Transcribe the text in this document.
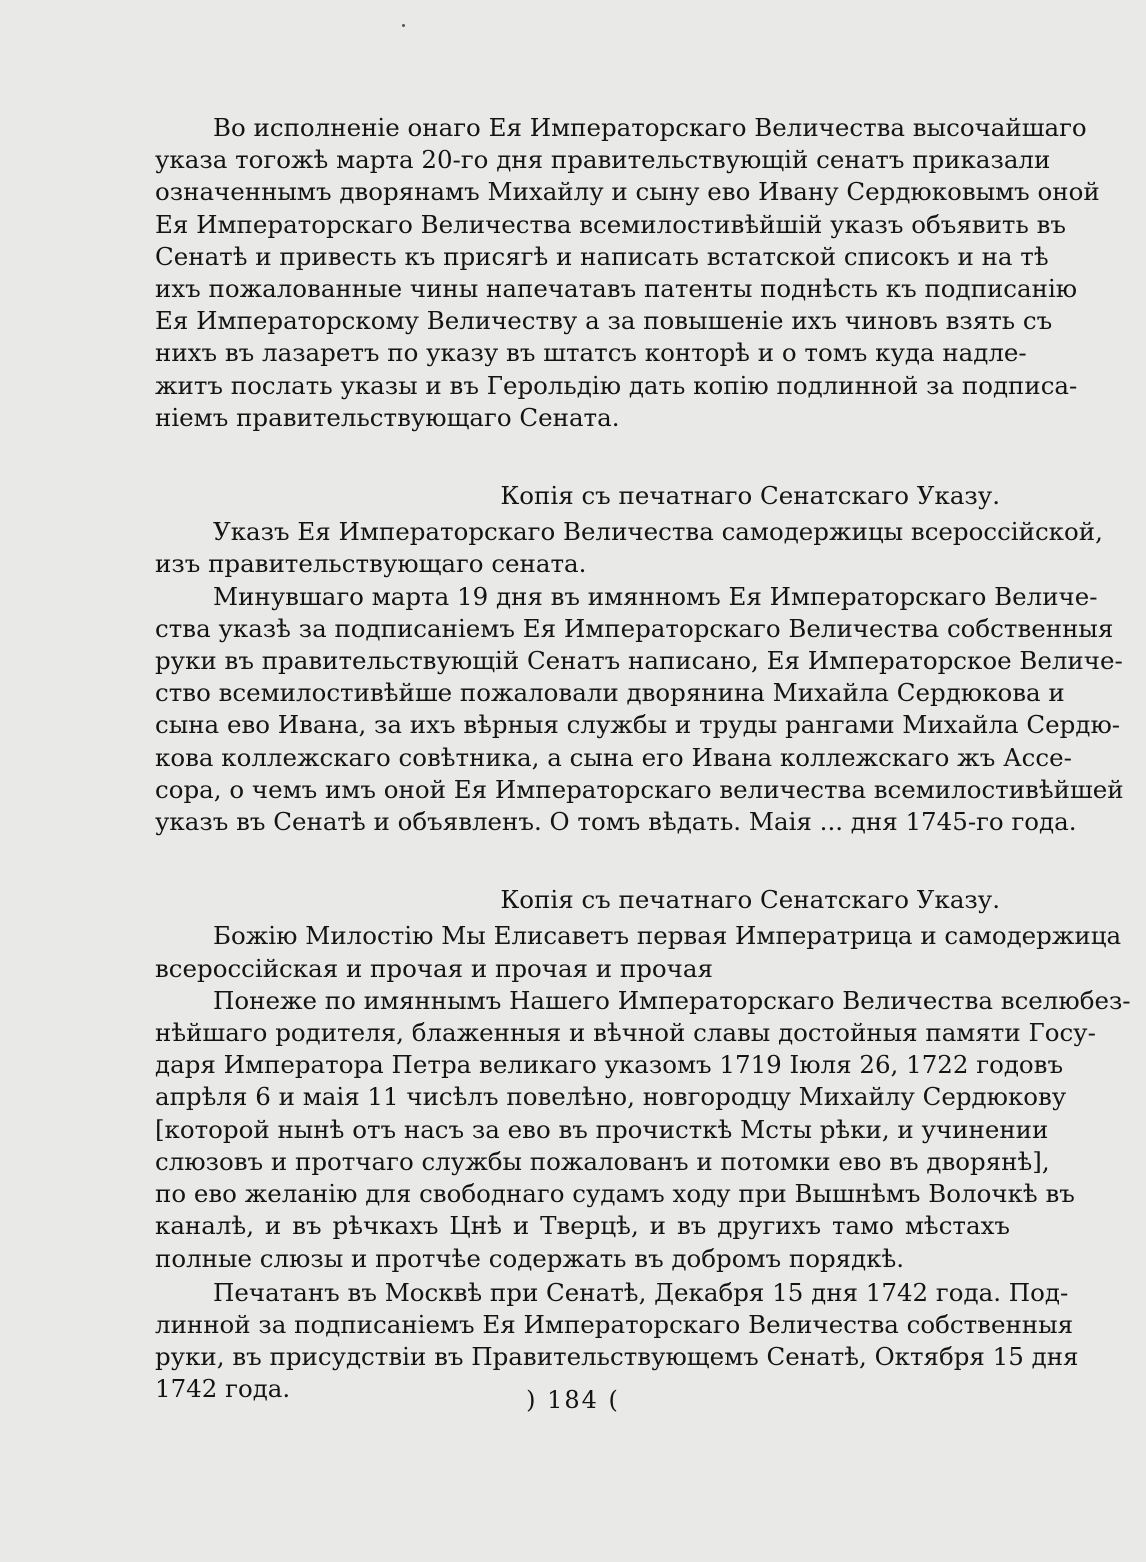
Во исполненіе онаго Ея Императорскаго Величества высочайшаго
указа тогожѣ марта 20-го дня правительствующій сенатъ приказали
означеннымъ дворянамъ Михайлу и сыну ево Ивану Сердюковымъ оной
Ея Императорскаго Величества всемилостивѣйшій указъ объявить въ
Сенатѣ и привесть къ присягѣ и написать встатской списокъ и на тѣ
ихъ пожалованные чины напечатавъ патенты поднѣсть къ подписанію
Ея Императорскому Величеству а за повышеніе ихъ чиновъ взять съ
нихъ въ лазаретъ по указу въ штатсъ конторѣ и о томъ куда надле-
житъ послать указы и въ Герольдію дать копію подлинной за подписа-
ніемъ правительствующаго Сената.

Копія съ печатнаго Сенатскаго Указу.

Указъ Ея Императорскаго Величества самодержицы всероссійской,
изъ правительствующаго сената.
Минувшаго марта 19 дня въ имянномъ Ея Императорскаго Величе-
ства указѣ за подписаніемъ Ея Императорскаго Величества собственныя
руки въ правительствующій Сенатъ написано, Ея Императорское Величе-
ство всемилостивѣйше пожаловали дворянина Михайла Сердюкова и
сына ево Ивана, за ихъ вѣрныя службы и труды рангами Михайла Сердю-
кова коллежскаго совѣтника, а сына его Ивана коллежскаго жъ Ассе-
сора, о чемъ имъ оной Ея Императорскаго величества всемилостивѣйшей
указъ въ Сенатѣ и объявленъ. О томъ вѣдать. Маія ... дня 1745-го года.

Копія съ печатнаго Сенатскаго Указу.

Божію Милостію Мы Елисаветъ первая Императрица и самодержица
всероссійская и прочая и прочая и прочая
Понеже по имяннымъ Нашего Императорскаго Величества вселюбез-
нѣйшаго родителя, блаженныя и вѣчной славы достойныя памяти Госу-
даря Императора Петра великаго указомъ 1719 Іюля 26, 1722 годовъ
апрѣля 6 и маія 11 чисѣлъ повелѣно, новгородцу Михайлу Сердюкову
[которой нынѣ отъ насъ за ево въ прочисткѣ Мсты рѣки, и учинении
слюзовъ и протчаго службы пожалованъ и потомки ево въ дворянѣ],
по ево желанію для свободнаго судамъ ходу при Вышнѣмъ Волочкѣ въ
каналѣ, и въ рѣчкахъ Цнѣ и Тверцѣ, и въ другихъ тамо мѣстахъ
полные слюзы и протчѣе содержать въ добромъ порядкѣ.
Печатанъ въ Москвѣ при Сенатѣ, Декабря 15 дня 1742 года. Под-
линной за подписаніемъ Ея Императорскаго Величества собственныя
руки, въ присудствіи въ Правительствующемъ Сенатѣ, Октября 15 дня
1742 года.	) 184 (
